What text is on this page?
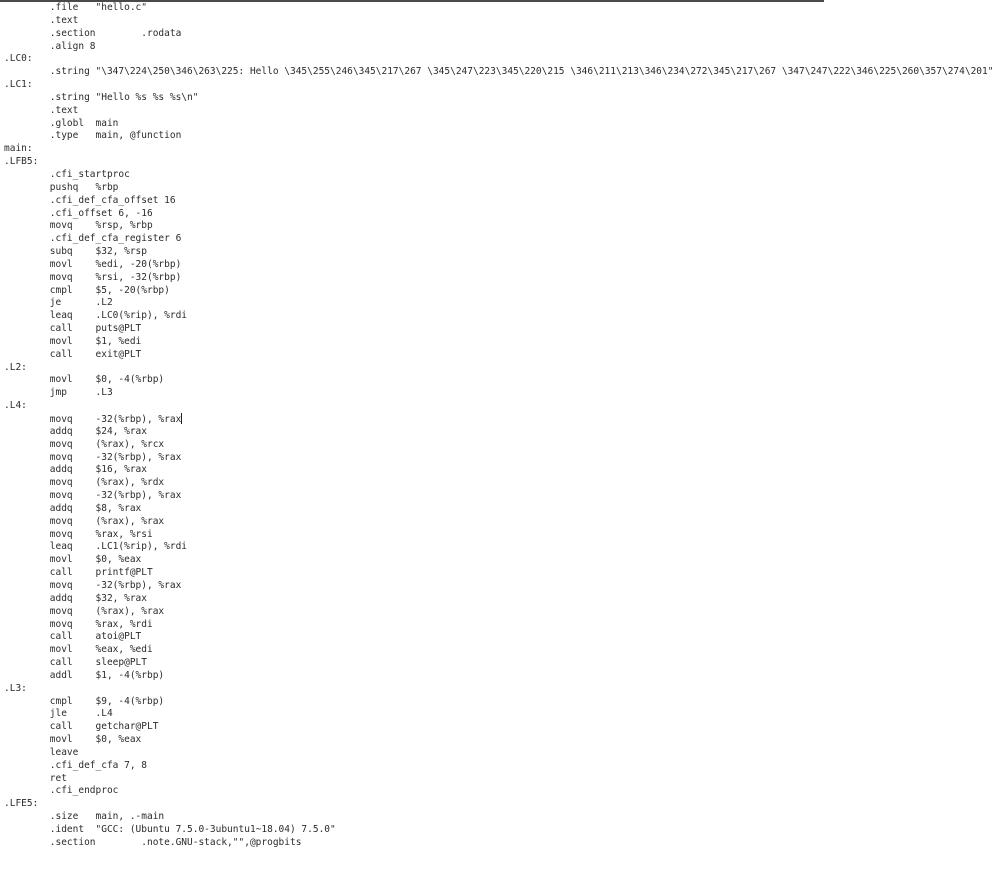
.file   "hello.c"
.text
.section        .rodata
.align 8
.LC0:
.string "\347\224\250\346\263\225: Hello \345\255\246\345\217\267 \345\247\223\345\220\215 \346\211\213\346\234\272\345\217\267 \347\247\222\346\225\260\357\274\201"
.LC1:
.string "Hello %s %s %s\n"
.text
.globl  main
.type   main, @function
main:
.LFB5:
.cfi_startproc
pushq   %rbp
.cfi_def_cfa_offset 16
.cfi_offset 6, -16
movq    %rsp, %rbp
.cfi_def_cfa_register 6
subq    $32, %rsp
movl    %edi, -20(%rbp)
movq    %rsi, -32(%rbp)
cmpl    $5, -20(%rbp)
je      .L2
leaq    .LC0(%rip), %rdi
call    puts@PLT
movl    $1, %edi
call    exit@PLT
.L2:
movl    $0, -4(%rbp)
jmp     .L3
.L4:
movq    -32(%rbp), %rax
addq    $24, %rax
movq    (%rax), %rcx
movq    -32(%rbp), %rax
addq    $16, %rax
movq    (%rax), %rdx
movq    -32(%rbp), %rax
addq    $8, %rax
movq    (%rax), %rax
movq    %rax, %rsi
leaq    .LC1(%rip), %rdi
movl    $0, %eax
call    printf@PLT
movq    -32(%rbp), %rax
addq    $32, %rax
movq    (%rax), %rax
movq    %rax, %rdi
call    atoi@PLT
movl    %eax, %edi
call    sleep@PLT
addl    $1, -4(%rbp)
.L3:
cmpl    $9, -4(%rbp)
jle     .L4
call    getchar@PLT
movl    $0, %eax
leave
.cfi_def_cfa 7, 8
ret
.cfi_endproc
.LFE5:
.size   main, .-main
.ident  "GCC: (Ubuntu 7.5.0-3ubuntu1~18.04) 7.5.0"
.section        .note.GNU-stack,"",@progbits
